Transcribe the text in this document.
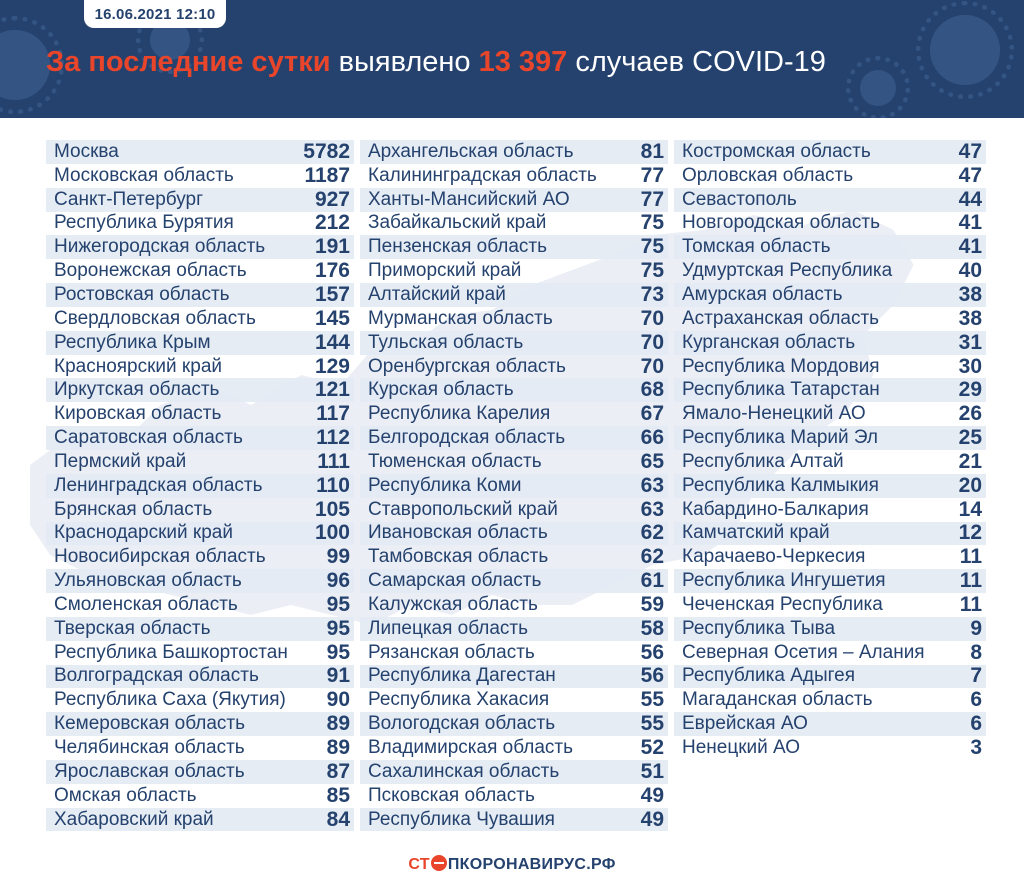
16.06.2021 12:10
За последние сутки выявлено 13 397 случаев COVID-19
Москва	5782
Московская область	1187
Санкт-Петербург	927
Республика Бурятия	212
Нижегородская область 191
Воронежская область	176
Ростовская область	157
Свердловская область	145
Республика Крым	144
Красноярский край	129
Иркутская область	121
Кировская область	117
Саратовская область	112
Пермский край	111
Ленинградская область	110
Брянская область	105
Краснодарский край	100
Новосибирская область	99
Ульяновская область	96
Смоленская область	95
Тверская область	95
Республика Башкортостан 95
Волгоградская область	91
Республика Саха (Якутия) 90
Кемеровская область	89
Челябинская область	89
Ярославская область	87
Омская область	85
Хабаровский край	84
Архангельская область	81
Калининградская область 77
Ханты-Мансийский АО	77
Забайкальский край	75
Пензенская область	75
Приморский край	75
Алтайский край	73
Мурманская область	70
Тульская область	70
Оренбургская область	70
Курская область	68
Республика Карелия	67
Белгородская область	66
Тюменская область	65
Республика Коми	63
Ставропольский край	63
Ивановская область	62
Тамбовская область	62
Самарская область	61
Калужская область	59
Липецкая область	58
Рязанская область	56
Республика Дагестан	56
Республика Хакасия	55
Вологодская область	55
Владимирская область	52
Сахалинская область	51
Псковская область	49
Республика Чувашия	49
Костромская область	47
Орловская область	47
Севастополь	44
Новгородская область	41
Томская область	41
Удмуртская Республика	40
Амурская область	38
Астраханская область	38
Курганская область	31
Республика Мордовия	30
Республика Татарстан	29
Ямало-Ненецкий АО	26
Республика Марий Эл	25
Республика Алтай	21
Республика Калмыкия	20
Кабардино-Балкария	14
Камчатский край	12
Карачаево-Черкесия	11
Республика Ингушетия	11
Чеченская Республика	11
Республика Тыва	9
Северная Осетия – Алания 8
Республика Адыгея	7
Магаданская область	6
Еврейская АО	6
Ненецкий АО	3
СТ ПКОРОНАВИРУС.РФ
